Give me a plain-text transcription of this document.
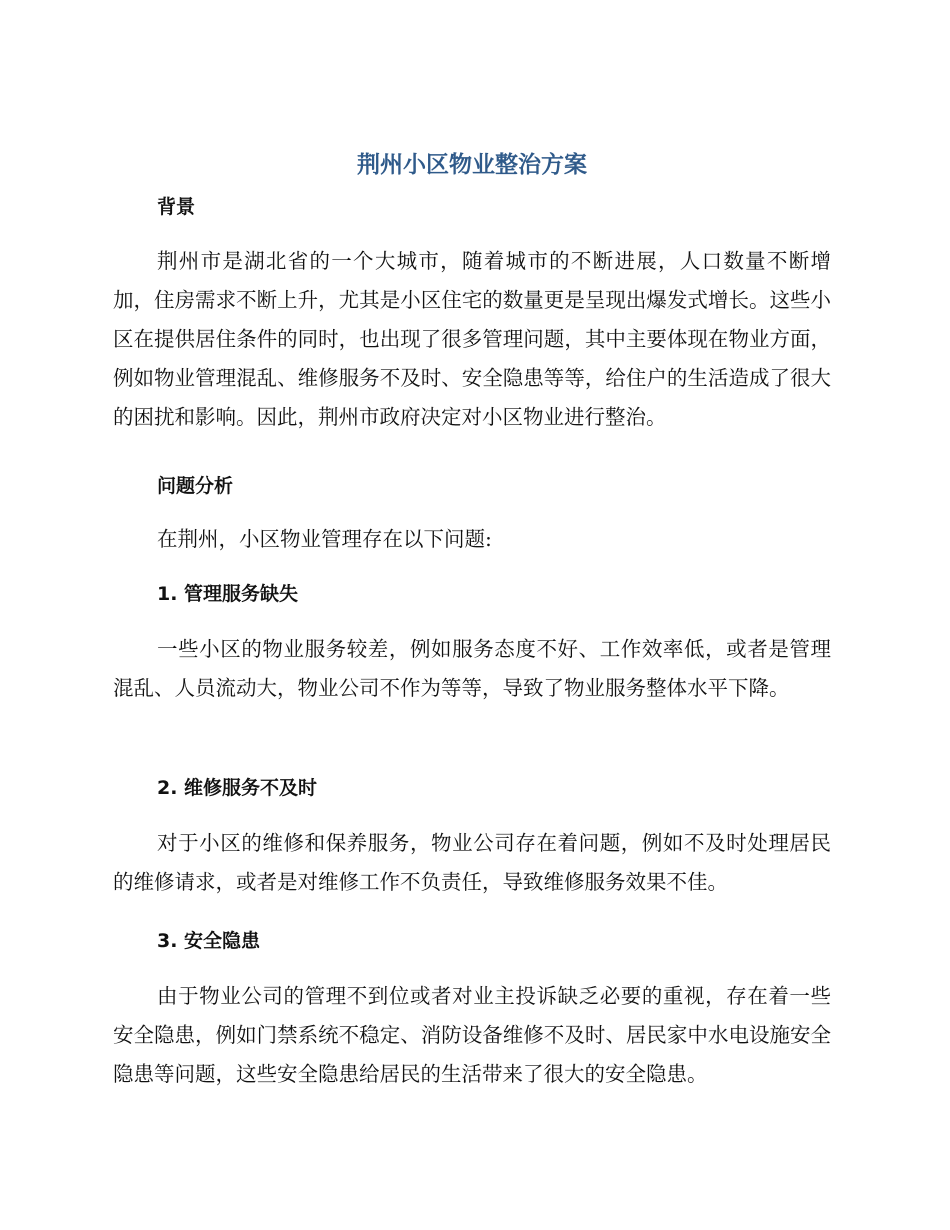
荆州小区物业整治方案
背景

荆州市是湖北省的一个大城市，随着城市的不断进展，人口数量不断增加，住房需求不断上升，尤其是小区住宅的数量更是呈现出爆发式增长。这些小区在提供居住条件的同时，也出现了很多管理问题，其中主要体现在物业方面，例如物业管理混乱、维修服务不及时、安全隐患等等，给住户的生活造成了很大的困扰和影响。因此，荆州市政府决定对小区物业进行整治。

问题分析

在荆州，小区物业管理存在以下问题:

1. 管理服务缺失

一些小区的物业服务较差，例如服务态度不好、工作效率低，或者是管理混乱、人员流动大，物业公司不作为等等，导致了物业服务整体水平下降。

2. 维修服务不及时

对于小区的维修和保养服务，物业公司存在着问题，例如不及时处理居民的维修请求，或者是对维修工作不负责任，导致维修服务效果不佳。

3. 安全隐患

由于物业公司的管理不到位或者对业主投诉缺乏必要的重视，存在着一些安全隐患，例如门禁系统不稳定、消防设备维修不及时、居民家中水电设施安全隐患等问题，这些安全隐患给居民的生活带来了很大的安全隐患。
